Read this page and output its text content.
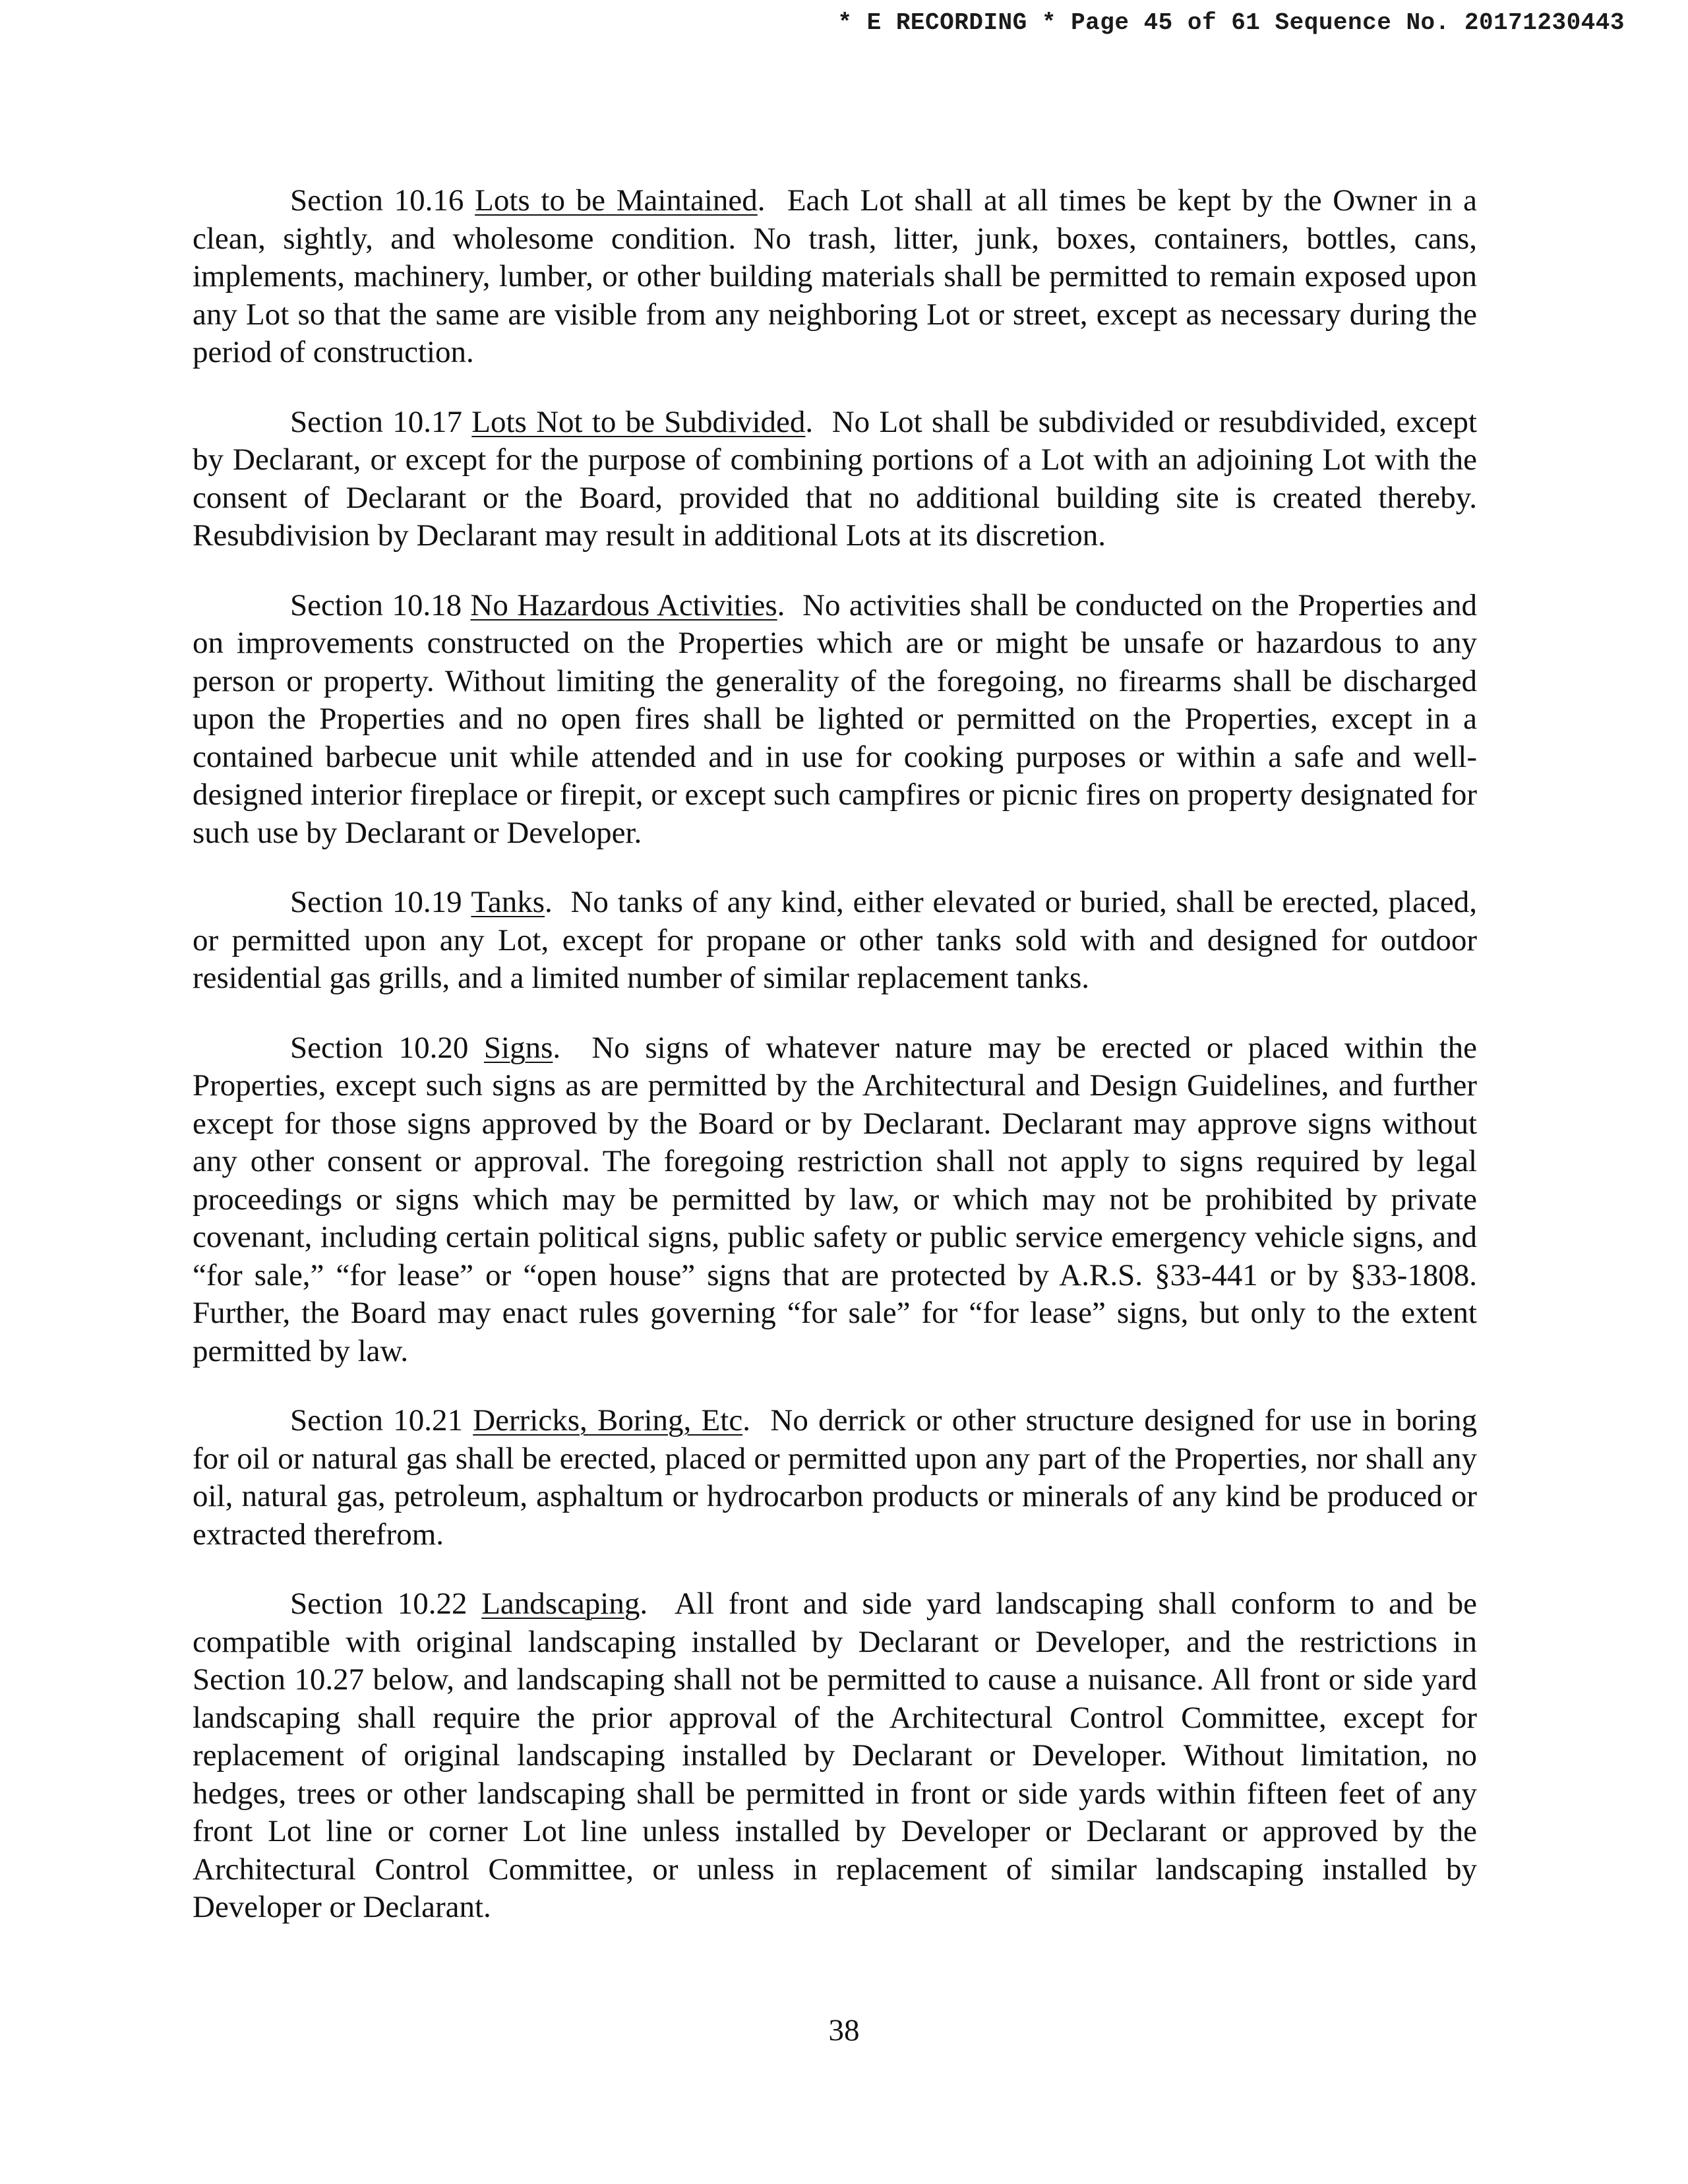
* E RECORDING * Page 45 of 61 Sequence No. 20171230443

Section 10.16 Lots to be Maintained.  Each Lot shall at all times be kept by the Owner in a clean, sightly, and wholesome condition. No trash, litter, junk, boxes, containers, bottles, cans, implements, machinery, lumber, or other building materials shall be permitted to remain exposed upon any Lot so that the same are visible from any neighboring Lot or street, except as necessary during the period of construction.

Section 10.17 Lots Not to be Subdivided.  No Lot shall be subdivided or resubdivided, except by Declarant, or except for the purpose of combining portions of a Lot with an adjoining Lot with the consent of Declarant or the Board, provided that no additional building site is created thereby. Resubdivision by Declarant may result in additional Lots at its discretion.

Section 10.18 No Hazardous Activities.  No activities shall be conducted on the Properties and on improvements constructed on the Properties which are or might be unsafe or hazardous to any person or property. Without limiting the generality of the foregoing, no firearms shall be discharged upon the Properties and no open fires shall be lighted or permitted on the Properties, except in a contained barbecue unit while attended and in use for cooking purposes or within a safe and well-designed interior fireplace or firepit, or except such campfires or picnic fires on property designated for such use by Declarant or Developer.

Section 10.19 Tanks.  No tanks of any kind, either elevated or buried, shall be erected, placed, or permitted upon any Lot, except for propane or other tanks sold with and designed for outdoor residential gas grills, and a limited number of similar replacement tanks.

Section 10.20 Signs.  No signs of whatever nature may be erected or placed within the Properties, except such signs as are permitted by the Architectural and Design Guidelines, and further except for those signs approved by the Board or by Declarant. Declarant may approve signs without any other consent or approval. The foregoing restriction shall not apply to signs required by legal proceedings or signs which may be permitted by law, or which may not be prohibited by private covenant, including certain political signs, public safety or public service emergency vehicle signs, and “for sale,” “for lease” or “open house” signs that are protected by A.R.S. §33-441 or by §33-1808. Further, the Board may enact rules governing “for sale” for “for lease” signs, but only to the extent permitted by law.

Section 10.21 Derricks, Boring, Etc.  No derrick or other structure designed for use in boring for oil or natural gas shall be erected, placed or permitted upon any part of the Properties, nor shall any oil, natural gas, petroleum, asphaltum or hydrocarbon products or minerals of any kind be produced or extracted therefrom.

Section 10.22 Landscaping.  All front and side yard landscaping shall conform to and be compatible with original landscaping installed by Declarant or Developer, and the restrictions in Section 10.27 below, and landscaping shall not be permitted to cause a nuisance. All front or side yard landscaping shall require the prior approval of the Architectural Control Committee, except for replacement of original landscaping installed by Declarant or Developer. Without limitation, no hedges, trees or other landscaping shall be permitted in front or side yards within fifteen feet of any front Lot line or corner Lot line unless installed by Developer or Declarant or approved by the Architectural Control Committee, or unless in replacement of similar landscaping installed by Developer or Declarant.

38
